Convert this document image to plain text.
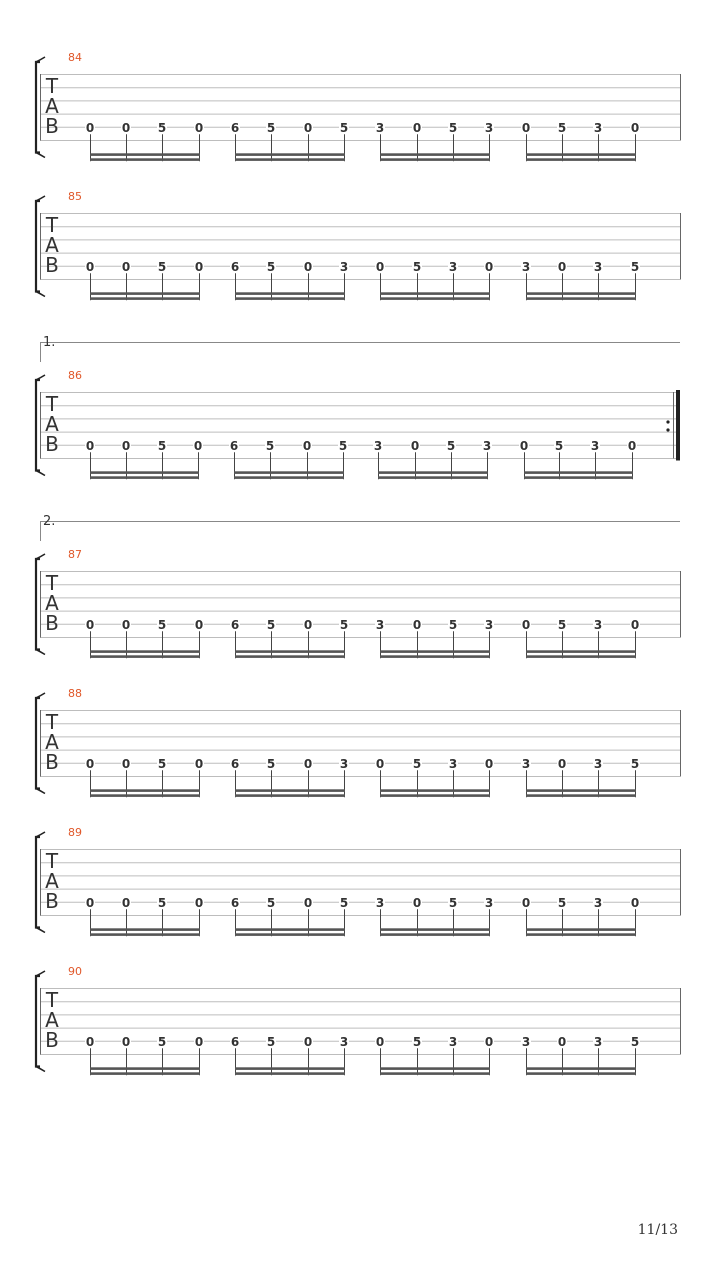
84
0 0 5 0 6 5 0 5 3 0 5 3 0 5 3 0
T
A
B
85
0 0 5 0 6 5 0 3 0 5 3 0 3 0 3 5
T
A
B
1.
86
0 0 5 0 6 5 0 5 3 0 5 3 0 5 3 0
T
A
B
2.
87
0 0 5 0 6 5 0 5 3 0 5 3 0 5 3 0
T
A
B
88
0 0 5 0 6 5 0 3 0 5 3 0 3 0 3 5
T
A
B
89
0 0 5 0 6 5 0 5 3 0 5 3 0 5 3 0
T
A
B
90
0 0 5 0 6 5 0 3 0 5 3 0 3 0 3 5
T
A
B
11/13
